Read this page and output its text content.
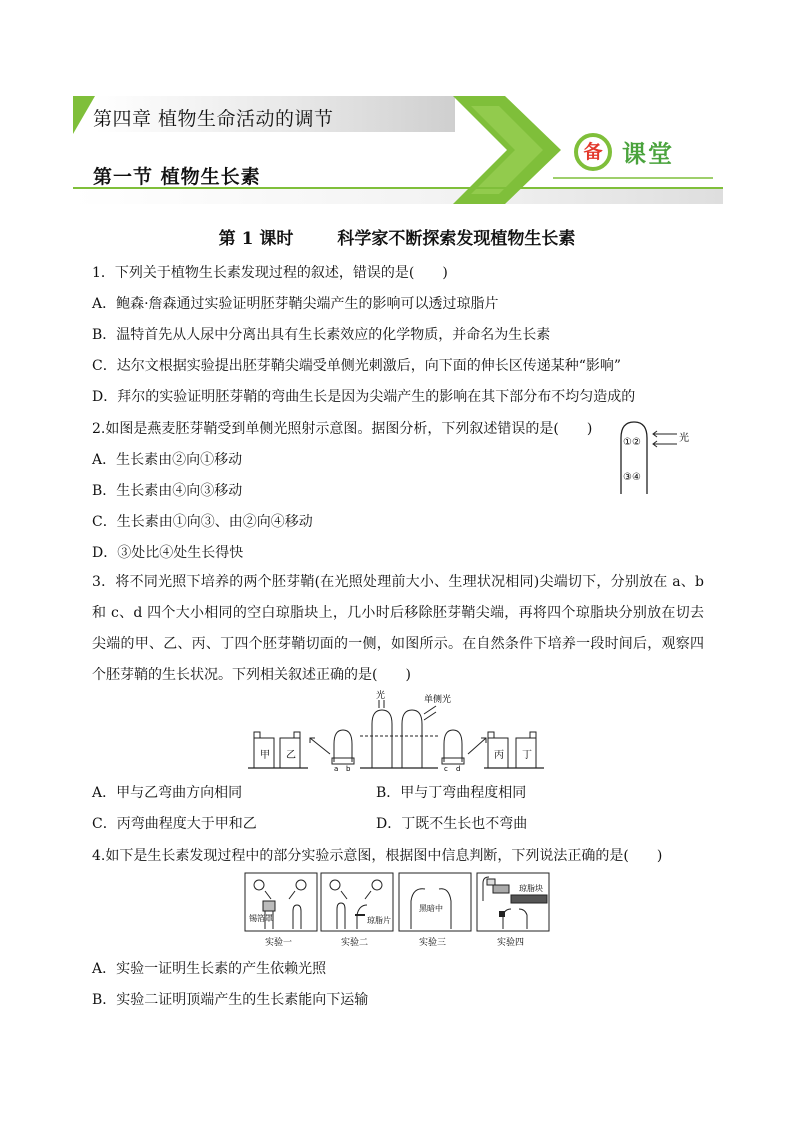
第四章 植物生命活动的调节
第一节 植物生长素
备 课堂
第 1 课时	科学家不断探索发现植物生长素
1．下列关于植物生长素发现过程的叙述，错误的是(　　)
A．鲍森·詹森通过实验证明胚芽鞘尖端产生的影响可以透过琼脂片
B．温特首先从人尿中分离出具有生长素效应的化学物质，并命名为生长素
C．达尔文根据实验提出胚芽鞘尖端受单侧光刺激后，向下面的伸长区传递某种“影响”
D．拜尔的实验证明胚芽鞘的弯曲生长是因为尖端产生的影响在其下部分布不均匀造成的
2.如图是燕麦胚芽鞘受到单侧光照射示意图。据图分析，下列叙述错误的是(　　)
A．生长素由②向①移动
B．生长素由④向③移动
C．生长素由①向③、由②向④移动
D．③处比④处生长得快
①②
③④
光
3．将不同光照下培养的两个胚芽鞘(在光照处理前大小、生理状况相同)尖端切下，分别放在 a、b 和 c、d 四个大小相同的空白琼脂块上，几小时后移除胚芽鞘尖端，再将四个琼脂块分别放在切去尖端的甲、乙、丙、丁四个胚芽鞘切面的一侧，如图所示。在自然条件下培养一段时间后，观察四个胚芽鞘的生长状况。下列相关叙述正确的是(　　)
甲 乙
a b
光	单侧光
c d
丙 丁
A．甲与乙弯曲方向相同	B．甲与丁弯曲程度相同
C．丙弯曲程度大于甲和乙	D．丁既不生长也不弯曲
4.如下是生长素发现过程中的部分实验示意图，根据图中信息判断，下列说法正确的是(　　)
锡箔罩
实验一
琼脂片
实验二
黑暗中
实验三
琼脂块
实验四
A．实验一证明生长素的产生依赖光照
B．实验二证明顶端产生的生长素能向下运输
